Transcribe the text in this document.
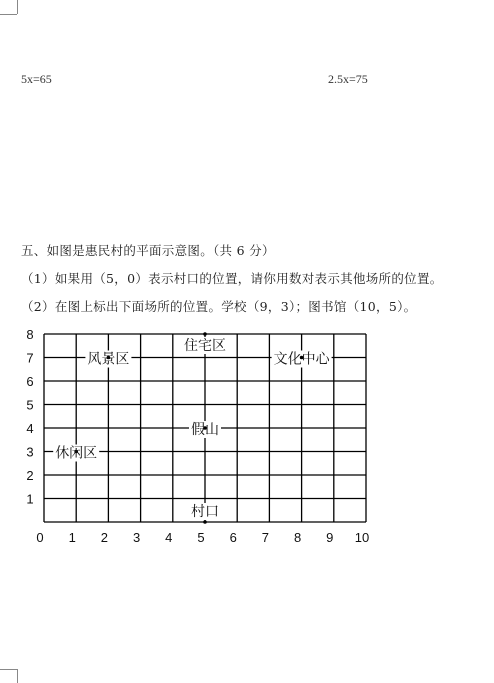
5x=65	2.5x=75
五、如图是惠民村的平面示意图。（共 6 分）
（1）如果用（5，0）表示村口的位置，请你用数对表示其他场所的位置。
（2）在图上标出下面场所的位置。学校（9，3）；图书馆（10，5）。
0 1 2 3 4 5 6 7 8 9 10
1
2
3
4
5
6
7
8
住宅区
风景区	文化中心
假山
休闲区
村口
